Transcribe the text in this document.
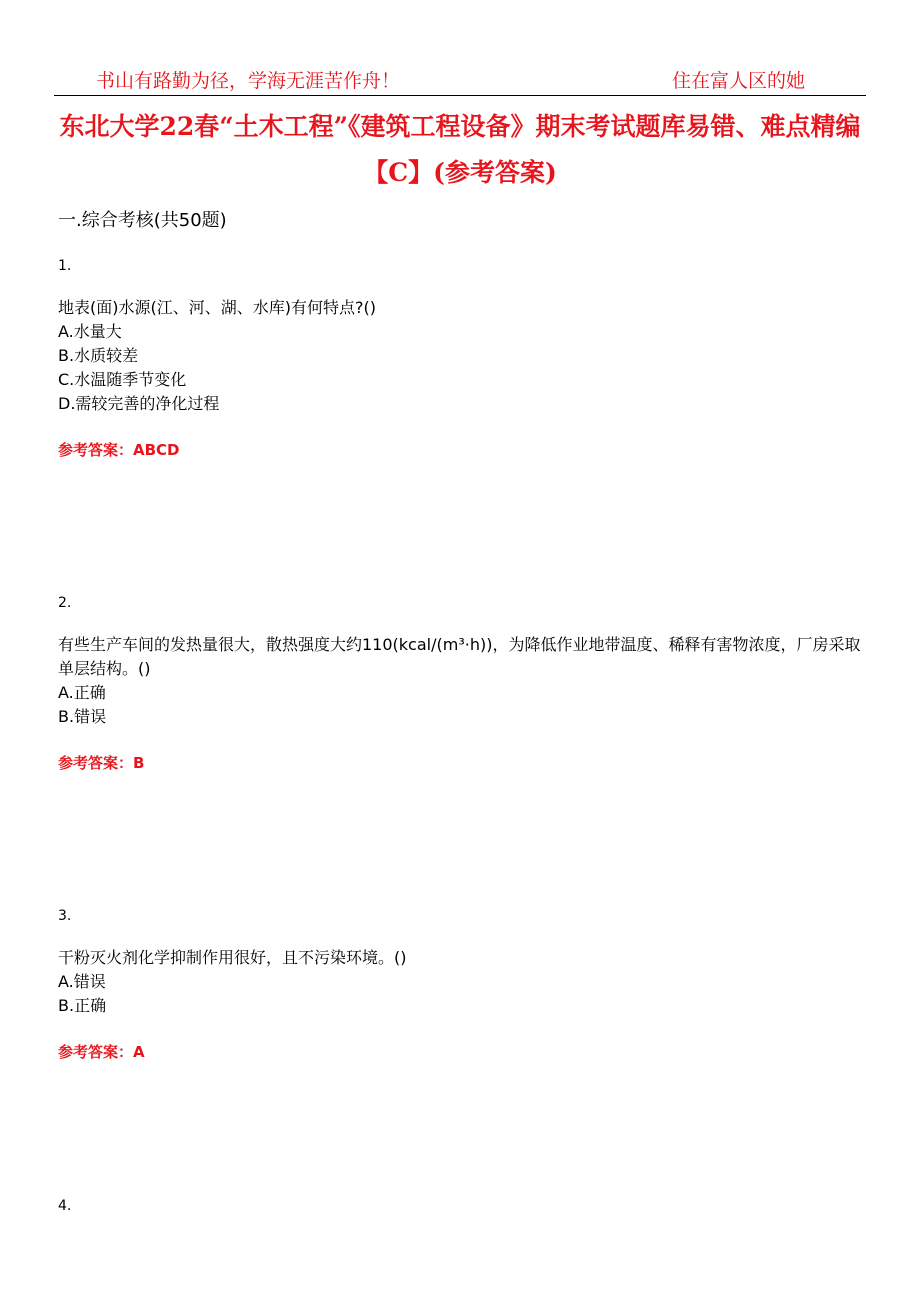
书山有路勤为径，学海无涯苦作舟！	住在富人区的她
东北大学22春“土木工程”《建筑工程设备》期末考试题库易错、难点精编【C】(参考答案)
一.综合考核(共50题)
1.

地表(面)水源(江、河、湖、水库)有何特点?()

A.水量大
B.水质较差
C.水温随季节变化
D.需较完善的净化过程
参考答案：ABCD
2.

有些生产车间的发热量很大，散热强度大约110(kcal/(m³·h))，为降低作业地带温度、稀释有害物浓度，厂房采取单层结构。()

A.正确
B.错误
参考答案：B
3.

干粉灭火剂化学抑制作用很好，且不污染环境。()

A.错误
B.正确
参考答案：A
4.
